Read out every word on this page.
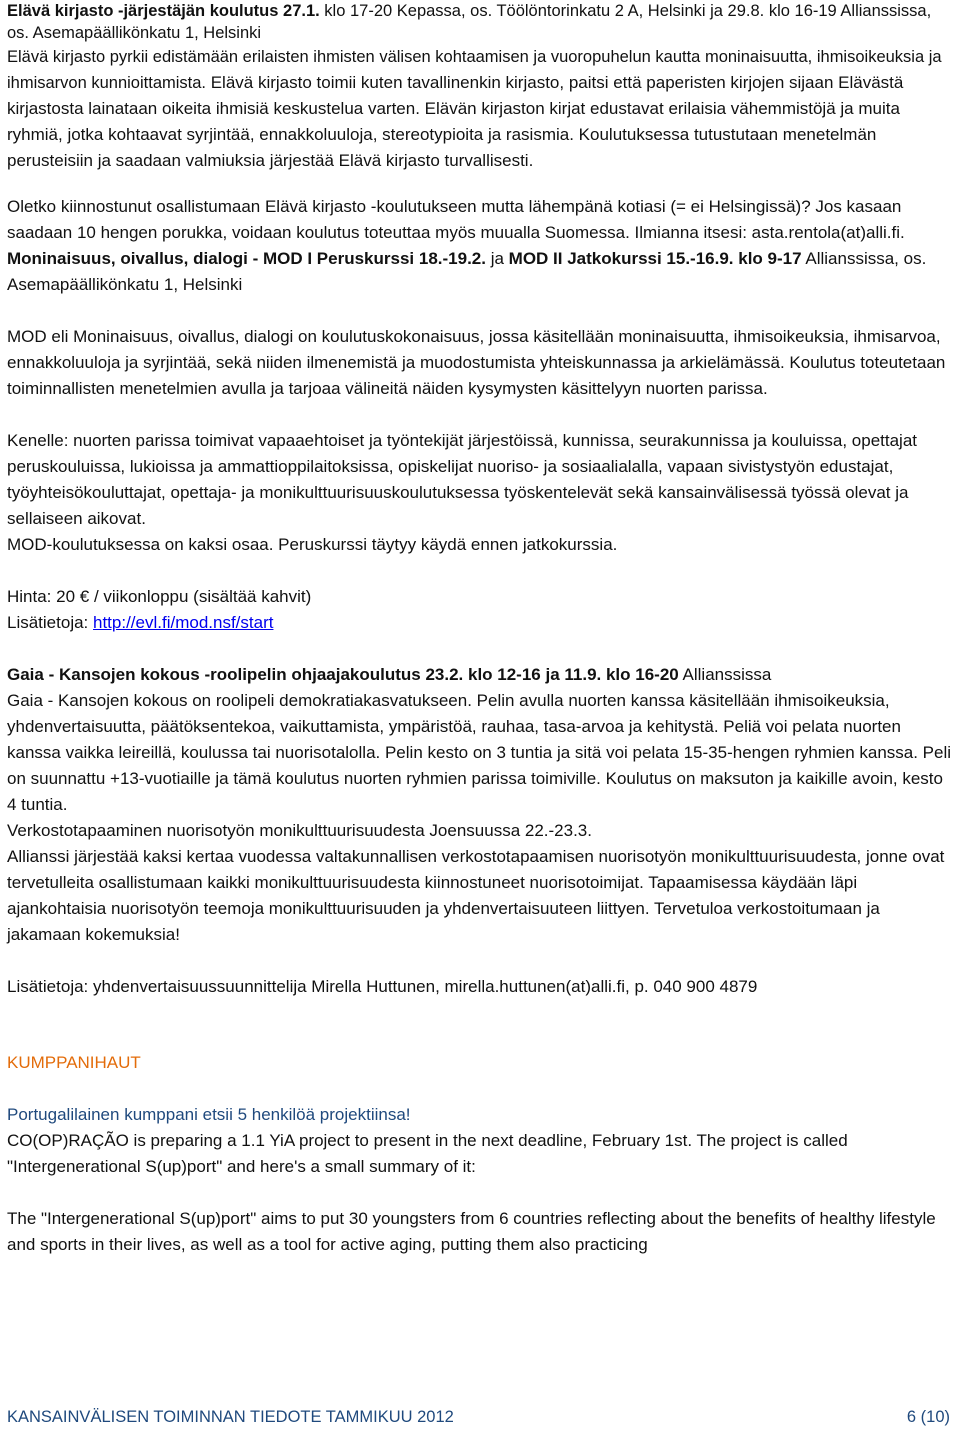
Elävä kirjasto -järjestäjän koulutus 27.1. klo 17-20 Kepassa, os. Töölöntorinkatu 2 A, Helsinki ja 29.8. klo 16-19 Allianssissa, os. Asemapäällikönkatu 1, Helsinki

Elävä kirjasto pyrkii edistämään erilaisten ihmisten välisen kohtaamisen ja vuoropuhelun kautta moninaisuutta, ihmisoikeuksia ja ihmisarvon kunnioittamista. Elävä kirjasto toimii kuten tavallinenkin kirjasto, paitsi että paperisten kirjojen sijaan Elävästä kirjastosta lainataan oikeita ihmisiä keskustelua varten. Elävän kirjaston kirjat edustavat erilaisia vähemmistöjä ja muita ryhmiä, jotka kohtaavat syrjintää, ennakkoluuloja, stereotypioita ja rasismia. Koulutuksessa tutustutaan menetelmän perusteisiin ja saadaan valmiuksia järjestää Elävä kirjasto turvallisesti.

Oletko kiinnostunut osallistumaan Elävä kirjasto -koulutukseen mutta lähempänä kotiasi (= ei Helsingissä)? Jos kasaan saadaan 10 hengen porukka, voidaan koulutus toteuttaa myös muualla Suomessa. Ilmianna itsesi: asta.rentola(at)alli.fi.

Moninaisuus, oivallus, dialogi - MOD I Peruskurssi 18.-19.2. ja MOD II Jatkokurssi 15.-16.9. klo 9-17 Allianssissa, os. Asemapäällikönkatu 1, Helsinki

MOD eli Moninaisuus, oivallus, dialogi on koulutuskokonaisuus, jossa käsitellään moninaisuutta, ihmisoikeuksia, ihmisarvoa, ennakkoluuloja ja syrjintää, sekä niiden ilmenemistä ja muodostumista yhteiskunnassa ja arkielämässä. Koulutus toteutetaan toiminnallisten menetelmien avulla ja tarjoaa välineitä näiden kysymysten käsittelyyn nuorten parissa.

Kenelle: nuorten parissa toimivat vapaaehtoiset ja työntekijät järjestöissä, kunnissa, seurakunnissa ja kouluissa, opettajat peruskouluissa, lukioissa ja ammattioppilaitoksissa, opiskelijat nuoriso- ja sosiaalialalla, vapaan sivistystyön edustajat, työyhteisökouluttajat, opettaja- ja monikulttuurisuuskoulutuksessa työskentelevät sekä kansainvälisessä työssä olevat ja sellaiseen aikovat.

MOD-koulutuksessa on kaksi osaa. Peruskurssi täytyy käydä ennen jatkokurssia.

Hinta: 20 € / viikonloppu (sisältää kahvit)

Lisätietoja: http://evl.fi/mod.nsf/start

Gaia - Kansojen kokous -roolipelin ohjaajakoulutus 23.2. klo 12-16 ja 11.9. klo 16-20 Allianssissa

Gaia - Kansojen kokous on roolipeli demokratiakasvatukseen. Pelin avulla nuorten kanssa käsitellään ihmisoikeuksia, yhdenvertaisuutta, päätöksentekoa, vaikuttamista, ympäristöä, rauhaa, tasa-arvoa ja kehitystä. Peliä voi pelata nuorten kanssa vaikka leireillä, koulussa tai nuorisotalolla. Pelin kesto on 3 tuntia ja sitä voi pelata 15-35-hengen ryhmien kanssa. Peli on suunnattu +13-vuotiaille ja tämä koulutus nuorten ryhmien parissa toimiville. Koulutus on maksuton ja kaikille avoin, kesto 4 tuntia.

Verkostotapaaminen nuorisotyön monikulttuurisuudesta Joensuussa 22.-23.3.

Allianssi järjestää kaksi kertaa vuodessa valtakunnallisen verkostotapaamisen nuorisotyön monikulttuurisuudesta, jonne ovat tervetulleita osallistumaan kaikki monikulttuurisuudesta kiinnostuneet nuorisotoimijat. Tapaamisessa käydään läpi ajankohtaisia nuorisotyön teemoja monikulttuurisuuden ja yhdenvertaisuuteen liittyen. Tervetuloa verkostoitumaan ja jakamaan kokemuksia!

Lisätietoja: yhdenvertaisuussuunnittelija Mirella Huttunen, mirella.huttunen(at)alli.fi, p. 040 900 4879

KUMPPANIHAUT

Portugalilainen kumppani etsii 5 henkilöä projektiinsa!

CO(OP)RAÇÃO is preparing a 1.1 YiA project to present in the next deadline, February 1st. The project is called "Intergenerational S(up)port" and here's a small summary of it:

The "Intergenerational S(up)port" aims to put 30 youngsters from 6 countries reflecting about the benefits of healthy lifestyle and sports in their lives, as well as a tool for active aging, putting them also practicing

KANSAINVÄLISEN TOIMINNAN TIEDOTE TAMMIKUU 2012	6 (10)
